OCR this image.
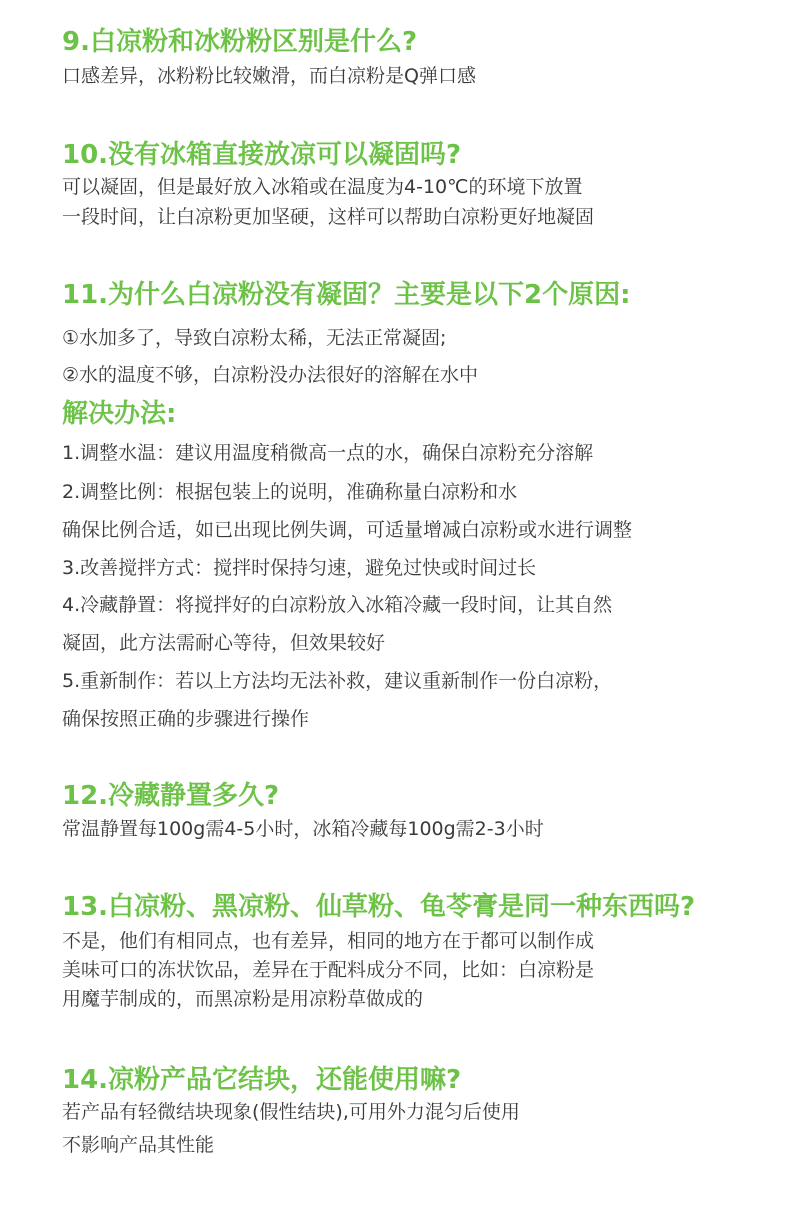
9.白凉粉和冰粉粉区别是什么?

口感差异，冰粉粉比较嫩滑，而白凉粉是Q弹口感

10.没有冰箱直接放凉可以凝固吗?

可以凝固，但是最好放入冰箱或在温度为4-10℃的环境下放置

一段时间，让白凉粉更加坚硬，这样可以帮助白凉粉更好地凝固

11.为什么白凉粉没有凝固？主要是以下2个原因:

①水加多了，导致白凉粉太稀，无法正常凝固;

②水的温度不够，白凉粉没办法很好的溶解在水中

解决办法:

1.调整水温：建议用温度稍微高一点的水，确保白凉粉充分溶解

2.调整比例：根据包装上的说明，准确称量白凉粉和水

确保比例合适，如已出现比例失调，可适量增减白凉粉或水进行调整

3.改善搅拌方式：搅拌时保持匀速，避免过快或时间过长

4.冷藏静置：将搅拌好的白凉粉放入冰箱冷藏一段时间，让其自然

凝固，此方法需耐心等待，但效果较好

5.重新制作：若以上方法均无法补救，建议重新制作一份白凉粉，

确保按照正确的步骤进行操作

12.冷藏静置多久?

常温静置每100g需4-5小时，冰箱冷藏每100g需2-3小时

13.白凉粉、黑凉粉、仙草粉、龟苓膏是同一种东西吗?

不是，他们有相同点，也有差异，相同的地方在于都可以制作成

美味可口的冻状饮品，差异在于配料成分不同，比如：白凉粉是

用魔芋制成的，而黑凉粉是用凉粉草做成的

14.凉粉产品它结块，还能使用嘛?

若产品有轻微结块现象(假性结块),可用外力混匀后使用

不影响产品其性能
